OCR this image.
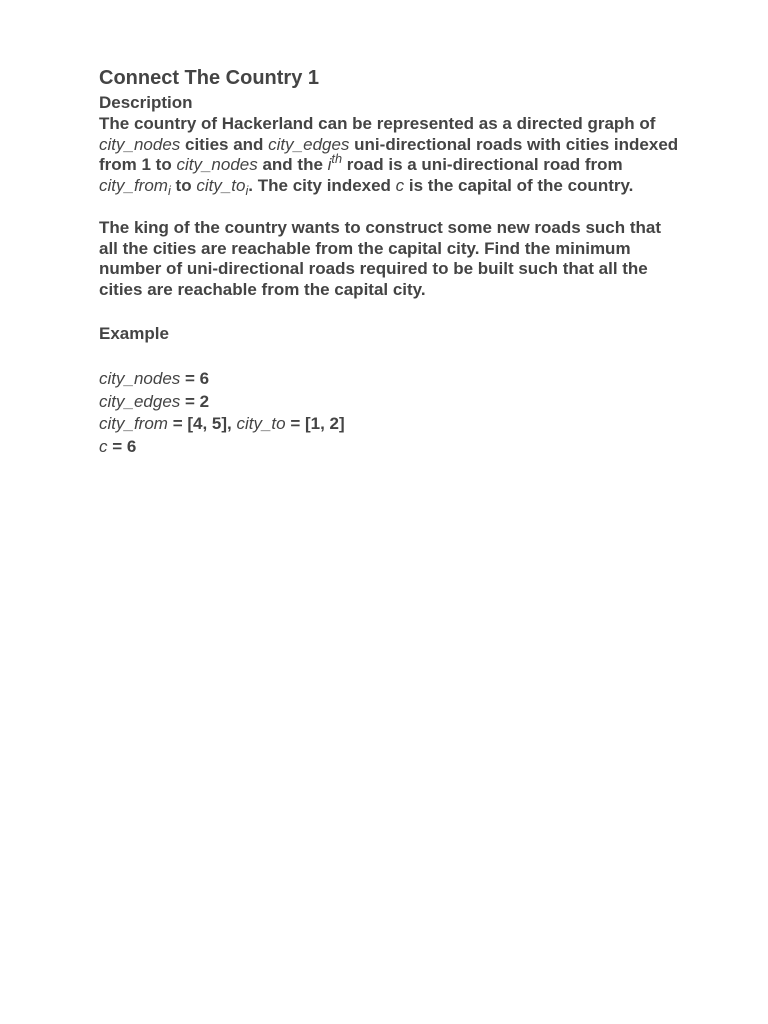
Connect The Country 1
Description

The country of Hackerland can be represented as a directed graph of city_nodes cities and city_edges uni-directional roads with cities indexed from 1 to city_nodes and the $i^{th}$ road is a uni-directional road from city_from$_i$ to $city\_to_i$. The city indexed c is the capital of the country.

The king of the country wants to construct some new roads such that all the cities are reachable from the capital city. Find the minimum number of uni-directional roads required to be built such that all the cities are reachable from the capital city.

Example

city_nodes = 6

city_edges = 2

city_from = [4, 5], city_to = [1, 2]

c = 6
